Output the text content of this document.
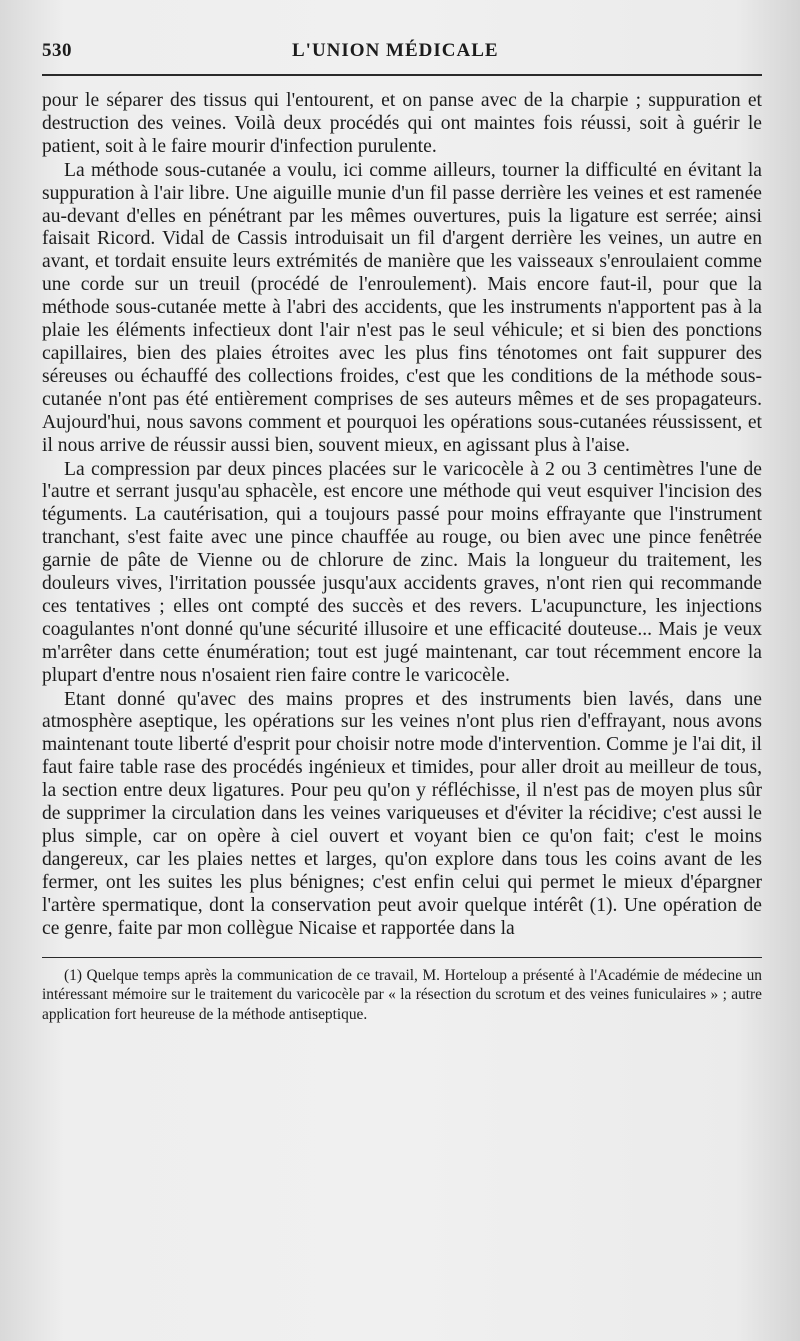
530	L'UNION MÉDICALE

pour le séparer des tissus qui l'entourent, et on panse avec de la charpie ; suppuration et destruction des veines. Voilà deux procédés qui ont maintes fois réussi, soit à guérir le patient, soit à le faire mourir d'infection purulente.

La méthode sous-cutanée a voulu, ici comme ailleurs, tourner la difficulté en évitant la suppuration à l'air libre. Une aiguille munie d'un fil passe derrière les veines et est ramenée au-devant d'elles en pénétrant par les mêmes ouvertures, puis la ligature est serrée; ainsi faisait Ricord. Vidal de Cassis introduisait un fil d'argent derrière les veines, un autre en avant, et tordait ensuite leurs extrémités de manière que les vaisseaux s'enroulaient comme une corde sur un treuil (procédé de l'enroulement). Mais encore faut-il, pour que la méthode sous-cutanée mette à l'abri des accidents, que les instruments n'apportent pas à la plaie les éléments infectieux dont l'air n'est pas le seul véhicule; et si bien des ponctions capillaires, bien des plaies étroites avec les plus fins ténotomes ont fait suppurer des séreuses ou échauffé des collections froides, c'est que les conditions de la méthode sous-cutanée n'ont pas été entièrement comprises de ses auteurs mêmes et de ses propagateurs. Aujourd'hui, nous savons comment et pourquoi les opérations sous-cutanées réussissent, et il nous arrive de réussir aussi bien, souvent mieux, en agissant plus à l'aise.

La compression par deux pinces placées sur le varicocèle à 2 ou 3 centimètres l'une de l'autre et serrant jusqu'au sphacèle, est encore une méthode qui veut esquiver l'incision des téguments. La cautérisation, qui a toujours passé pour moins effrayante que l'instrument tranchant, s'est faite avec une pince chauffée au rouge, ou bien avec une pince fenêtrée garnie de pâte de Vienne ou de chlorure de zinc. Mais la longueur du traitement, les douleurs vives, l'irritation poussée jusqu'aux accidents graves, n'ont rien qui recommande ces tentatives ; elles ont compté des succès et des revers. L'acupuncture, les injections coagulantes n'ont donné qu'une sécurité illusoire et une efficacité douteuse... Mais je veux m'arrêter dans cette énumération; tout est jugé maintenant, car tout récemment encore la plupart d'entre nous n'osaient rien faire contre le varicocèle.

Etant donné qu'avec des mains propres et des instruments bien lavés, dans une atmosphère aseptique, les opérations sur les veines n'ont plus rien d'effrayant, nous avons maintenant toute liberté d'esprit pour choisir notre mode d'intervention. Comme je l'ai dit, il faut faire table rase des procédés ingénieux et timides, pour aller droit au meilleur de tous, la section entre deux ligatures. Pour peu qu'on y réfléchisse, il n'est pas de moyen plus sûr de supprimer la circulation dans les veines variqueuses et d'éviter la récidive; c'est aussi le plus simple, car on opère à ciel ouvert et voyant bien ce qu'on fait; c'est le moins dangereux, car les plaies nettes et larges, qu'on explore dans tous les coins avant de les fermer, ont les suites les plus bénignes; c'est enfin celui qui permet le mieux d'épargner l'artère spermatique, dont la conservation peut avoir quelque intérêt (1). Une opération de ce genre, faite par mon collègue Nicaise et rapportée dans la

(1) Quelque temps après la communication de ce travail, M. Horteloup a présenté à l'Académie de médecine un intéressant mémoire sur le traitement du varicocèle par « la résection du scrotum et des veines funiculaires » ; autre application fort heureuse de la méthode antiseptique.
